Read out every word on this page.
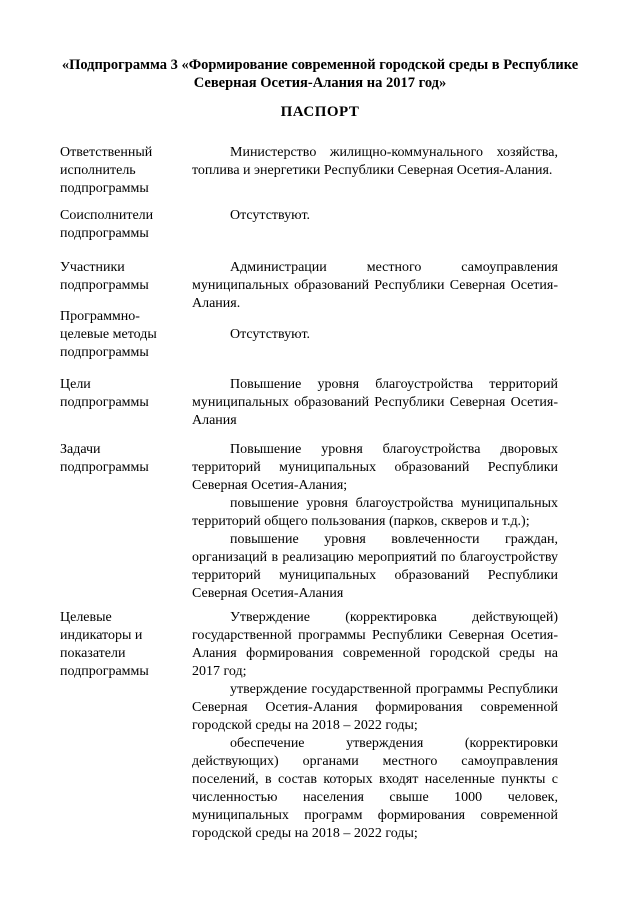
«Подпрограмма 3 «Формирование современной городской среды в Республике Северная Осетия-Алания на 2017 год»
ПАСПОРТ
Ответственный исполнитель подпрограммы

Министерство жилищно-коммунального хозяйства, топлива и энергетики Республики Северная Осетия-Алания.

Соисполнители подпрограммы

Отсутствуют.

Участники подпрограммы

Администрации местного самоуправления муниципальных образований Республики Северная Осетия-Алания.

Программно-целевые методы подпрограммы

Отсутствуют.

Цели подпрограммы

Повышение уровня благоустройства территорий муниципальных образований Республики Северная Осетия-Алания

Задачи подпрограммы

Повышение уровня благоустройства дворовых территорий муниципальных образований Республики Северная Осетия-Алания;

повышение уровня благоустройства муниципальных территорий общего пользования (парков, скверов и т.д.);

повышение уровня вовлеченности граждан, организаций в реализацию мероприятий по благоустройству территорий муниципальных образований Республики Северная Осетия-Алания

Целевые индикаторы и показатели подпрограммы

Утверждение (корректировка действующей) государственной программы Республики Северная Осетия-Алания формирования современной городской среды на 2017 год;

утверждение государственной программы Республики Северная Осетия-Алания формирования современной городской среды на 2018 – 2022 годы;

обеспечение утверждения (корректировки действующих) органами местного самоуправления поселений, в состав которых входят населенные пункты с численностью населения свыше 1000 человек, муниципальных программ формирования современной городской среды на 2018 – 2022 годы;
